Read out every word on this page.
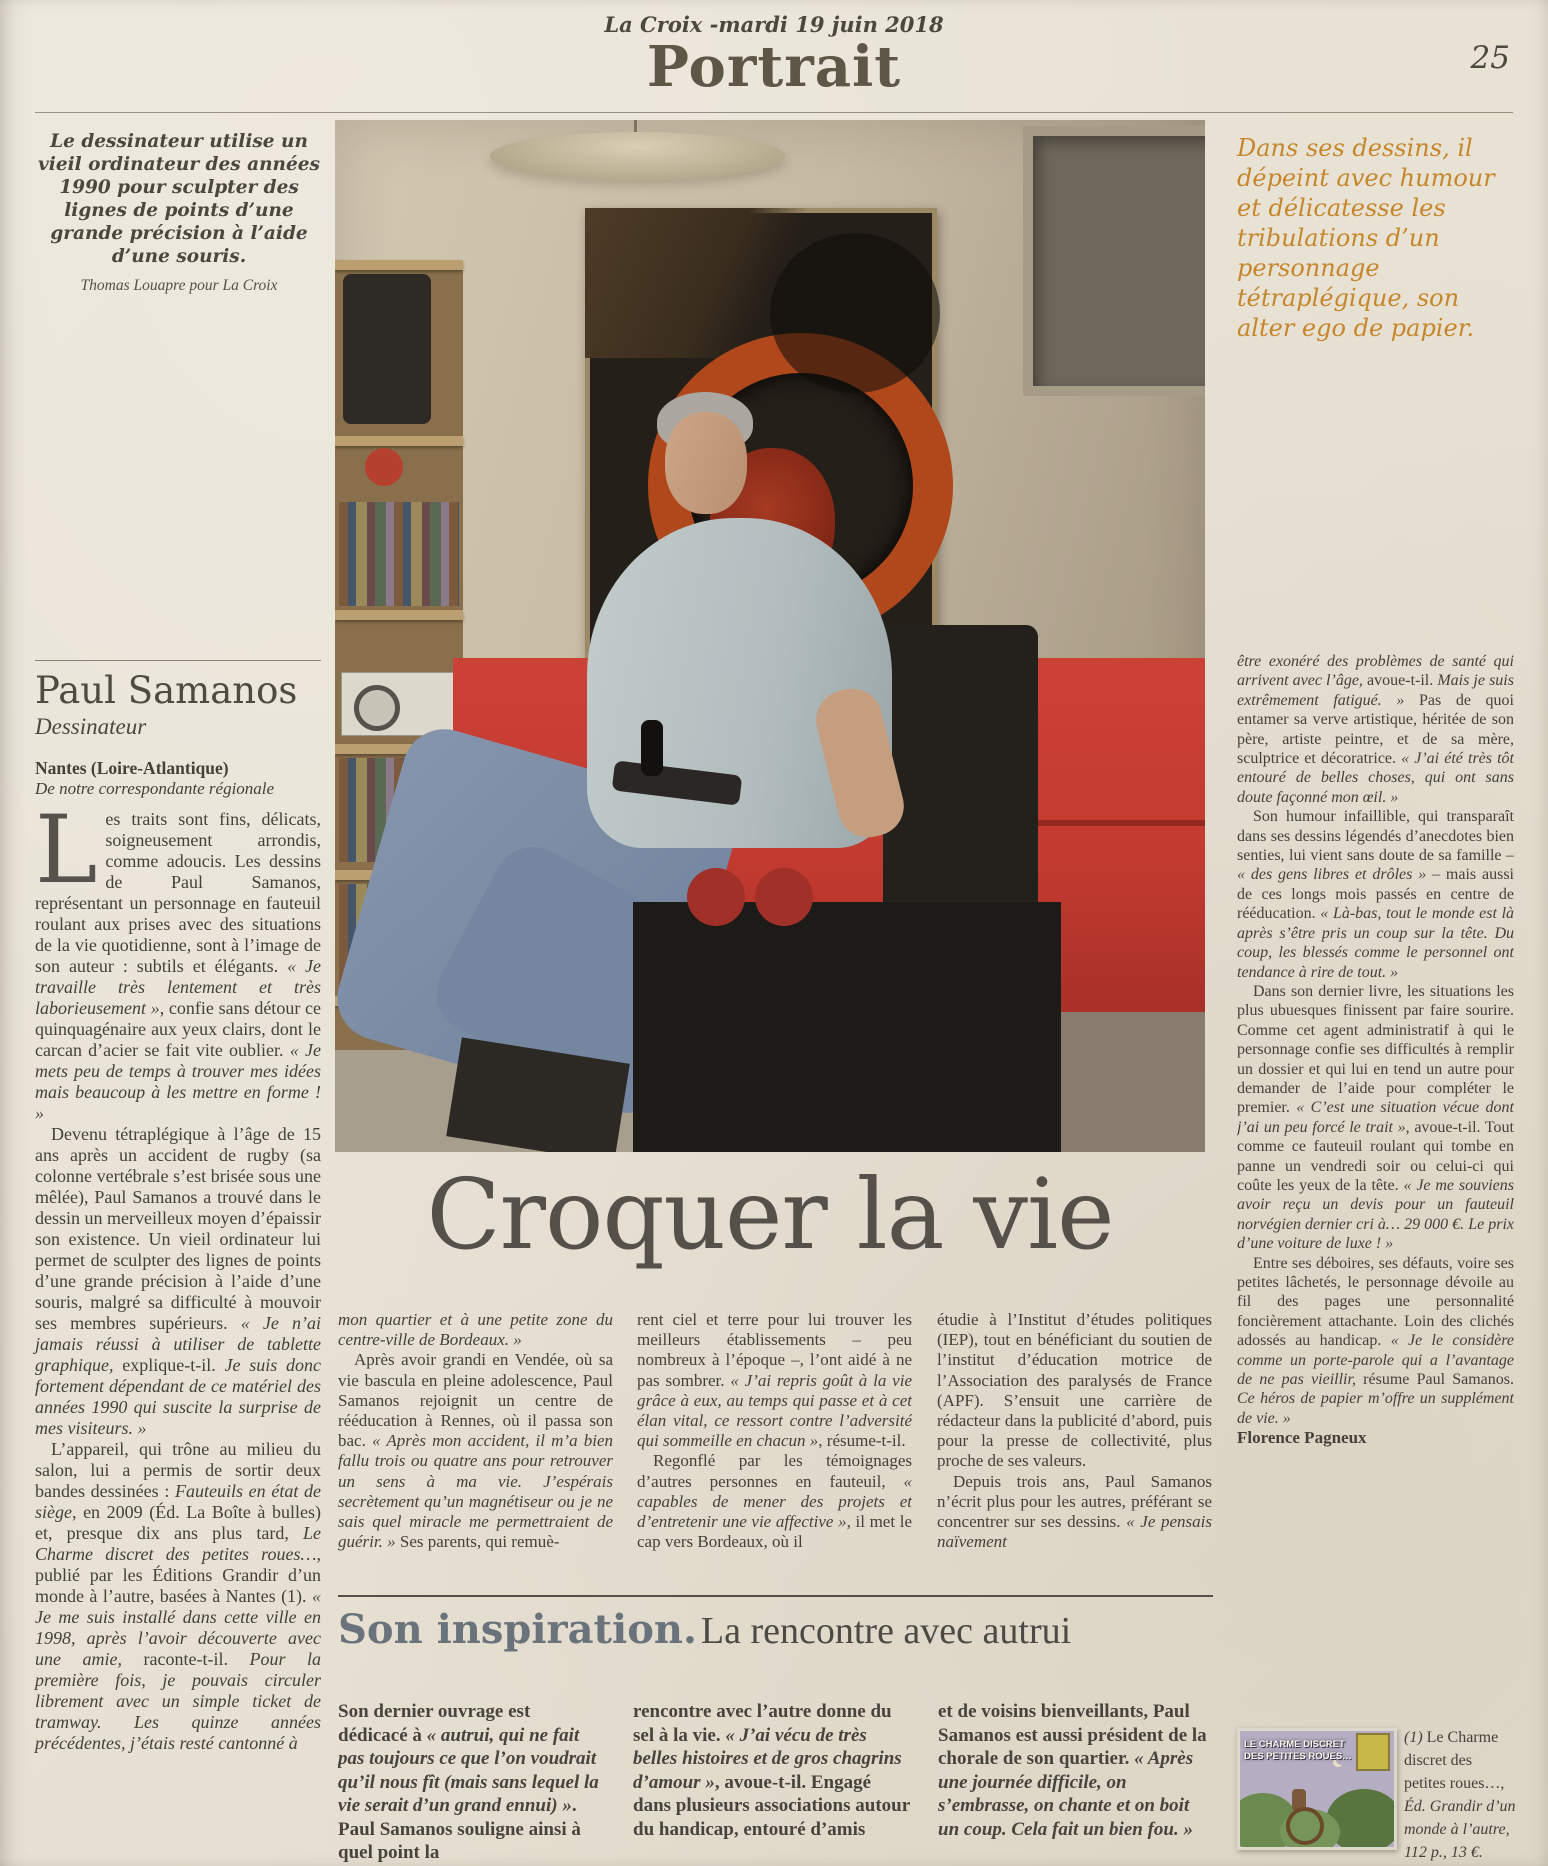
La Croix -mardi 19 juin 2018
Portrait	25
Le dessinateur utilise un vieil ordinateur des années 1990 pour sculpter des lignes de points d’une grande précision à l’aide d’une souris.
Thomas Louapre pour La Croix
Dans ses dessins, il dépeint avec humour et délicatesse les tribulations d’un personnage tétraplégique, son alter ego de papier.
Paul Samanos
Dessinateur

Nantes (Loire-Atlantique)

De notre correspondante régionale

Les traits sont fins, délicats, soigneusement arrondis, comme adoucis. Les dessins de Paul Samanos, représentant un personnage en fauteuil roulant aux prises avec des situations de la vie quotidienne, sont à l’image de son auteur : subtils et élégants. « Je travaille très lentement et très laborieusement », confie sans détour ce quinquagénaire aux yeux clairs, dont le carcan d’acier se fait vite oublier. « Je mets peu de temps à trouver mes idées mais beaucoup à les mettre en forme ! »

Devenu tétraplégique à l’âge de 15 ans après un accident de rugby (sa colonne vertébrale s’est brisée sous une mêlée), Paul Samanos a trouvé dans le dessin un merveilleux moyen d’épaissir son existence. Un vieil ordinateur lui permet de sculpter des lignes de points d’une grande précision à l’aide d’une souris, malgré sa difficulté à mouvoir ses membres supérieurs. « Je n’ai jamais réussi à utiliser de tablette graphique, explique-t-il. Je suis donc fortement dépendant de ce matériel des années 1990 qui suscite la surprise de mes visiteurs. »

L’appareil, qui trône au milieu du salon, lui a permis de sortir deux bandes dessinées : Fauteuils en état de siège, en 2009 (Éd. La Boîte à bulles) et, presque dix ans plus tard, Le Charme discret des petites roues…, publié par les Éditions Grandir d’un monde à l’autre, basées à Nantes (1). « Je me suis installé dans cette ville en 1998, après l’avoir découverte avec une amie, raconte-t-il. Pour la première fois, je pouvais circuler librement avec un simple ticket de tramway. Les quinze années précédentes, j’étais resté cantonné à

Croquer la vie

mon quartier et à une petite zone du centre-ville de Bordeaux. »

Après avoir grandi en Vendée, où sa vie bascula en pleine adolescence, Paul Samanos rejoignit un centre de rééducation à Rennes, où il passa son bac. « Après mon accident, il m’a bien fallu trois ou quatre ans pour retrouver un sens à ma vie. J’espérais secrètement qu’un magnétiseur ou je ne sais quel miracle me permettraient de guérir. » Ses parents, qui remuè-

rent ciel et terre pour lui trouver les meilleurs établissements – peu nombreux à l’époque –, l’ont aidé à ne pas sombrer. « J’ai repris goût à la vie grâce à eux, au temps qui passe et à cet élan vital, ce ressort contre l’adversité qui sommeille en chacun », résume-t-il.

Regonflé par les témoignages d’autres personnes en fauteuil, « capables de mener des projets et d’entretenir une vie affective », il met le cap vers Bordeaux, où il

étudie à l’Institut d’études politiques (IEP), tout en bénéficiant du soutien de l’institut d’éducation motrice de l’Association des paralysés de France (APF). S’ensuit une carrière de rédacteur dans la publicité d’abord, puis pour la presse de collectivité, plus proche de ses valeurs.

Depuis trois ans, Paul Samanos n’écrit plus pour les autres, préférant se concentrer sur ses dessins. « Je pensais naïvement

être exonéré des problèmes de santé qui arrivent avec l’âge, avoue-t-il. Mais je suis extrêmement fatigué. » Pas de quoi entamer sa verve artistique, héritée de son père, artiste peintre, et de sa mère, sculptrice et décoratrice. « J’ai été très tôt entouré de belles choses, qui ont sans doute façonné mon œil. »

Son humour infaillible, qui transparaît dans ses dessins légendés d’anecdotes bien senties, lui vient sans doute de sa famille – « des gens libres et drôles » – mais aussi de ces longs mois passés en centre de rééducation. « Là-bas, tout le monde est là après s’être pris un coup sur la tête. Du coup, les blessés comme le personnel ont tendance à rire de tout. »

Dans son dernier livre, les situations les plus ubuesques finissent par faire sourire. Comme cet agent administratif à qui le personnage confie ses difficultés à remplir un dossier et qui lui en tend un autre pour demander de l’aide pour compléter le premier. « C’est une situation vécue dont j’ai un peu forcé le trait », avoue-t-il. Tout comme ce fauteuil roulant qui tombe en panne un vendredi soir ou celui-ci qui coûte les yeux de la tête. « Je me souviens avoir reçu un devis pour un fauteuil norvégien dernier cri à… 29 000 €. Le prix d’une voiture de luxe ! »

Entre ses déboires, ses défauts, voire ses petites lâchetés, le personnage dévoile au fil des pages une personnalité foncièrement attachante. Loin des clichés adossés au handicap. « Je le considère comme un porte-parole qui a l’avantage de ne pas vieillir, résume Paul Samanos. Ce héros de papier m’offre un supplément de vie. »

Florence Pagneux

Son inspiration. La rencontre avec autrui

Son dernier ouvrage est dédicacé à « autrui, qui ne fait pas toujours ce que l’on voudrait qu’il nous fît (mais sans lequel la vie serait d’un grand ennui) ». Paul Samanos souligne ainsi à quel point la

rencontre avec l’autre donne du sel à la vie. « J’ai vécu de très belles histoires et de gros chagrins d’amour », avoue-t-il. Engagé dans plusieurs associations autour du handicap, entouré d’amis

et de voisins bienveillants, Paul Samanos est aussi président de la chorale de son quartier. « Après une journée difficile, on s’embrasse, on chante et on boit un coup. Cela fait un bien fou. »

LE CHARME DISCRET DES PETITES ROUES…
(1) Le Charme discret des petites roues…, Éd. Grandir d’un monde à l’autre, 112 p., 13 €.
